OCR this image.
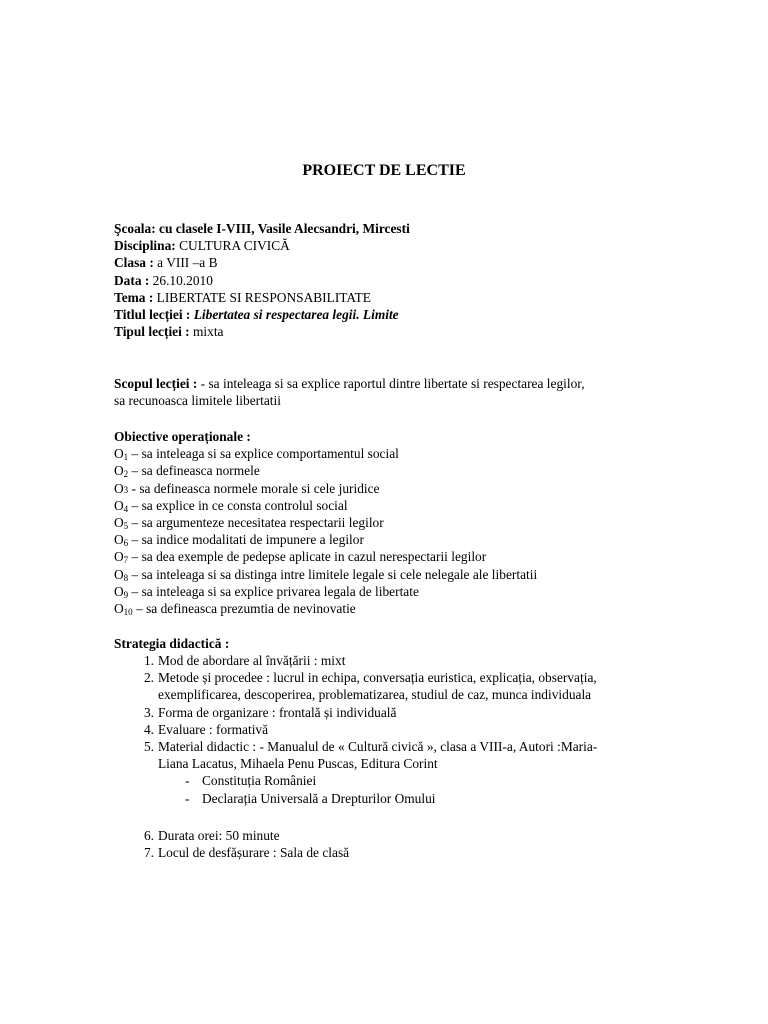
PROIECT DE LECTIE
Şcoala: cu clasele I-VIII, Vasile Alecsandri, Mircesti
Disciplina: CULTURA CIVICĂ
Clasa : a VIII –a B
Data : 26.10.2010
Tema : LIBERTATE SI RESPONSABILITATE
Titlul lecției : Libertatea si respectarea legii. Limite
Tipul lecției : mixta
Scopul lecției : - sa inteleaga si sa explice raportul dintre libertate si respectarea legilor,
sa recunoasca limitele libertatii
Obiective operaționale :
$O_1$ – sa inteleaga si sa explice comportamentul social
$O_2$ – sa defineasca normele
O3 - sa defineasca normele morale si cele juridice
$O_4$ – sa explice in ce consta controlul social
$O_5$ – sa argumenteze necesitatea respectarii legilor
$O_6$ – sa indice modalitati de impunere a legilor
$O_7$ – sa dea exemple de pedepse aplicate in cazul nerespectarii legilor
$O_8$ – sa inteleaga si sa distinga intre limitele legale si cele nelegale ale libertatii
$O_9$ – sa inteleaga si sa explice privarea legala de libertate
$O_{10}$ – sa defineasca prezumtia de nevinovatie
Strategia didactică :
1. Mod de abordare al învățării : mixt
2. Metode și procedee : lucrul in echipa, conversația euristica, explicația, observația,
exemplificarea, descoperirea, problematizarea, studiul de caz, munca individuala
3. Forma de organizare : frontală și individuală
4. Evaluare : formativă
5. Material didactic : - Manualul de « Cultură civică », clasa a VIII-a, Autori :Maria-
Liana Lacatus, Mihaela Penu Puscas, Editura Corint
- Constituția României
- Declarația Universală a Drepturilor Omului
6. Durata orei: 50 minute
7. Locul de desfășurare : Sala de clasă
